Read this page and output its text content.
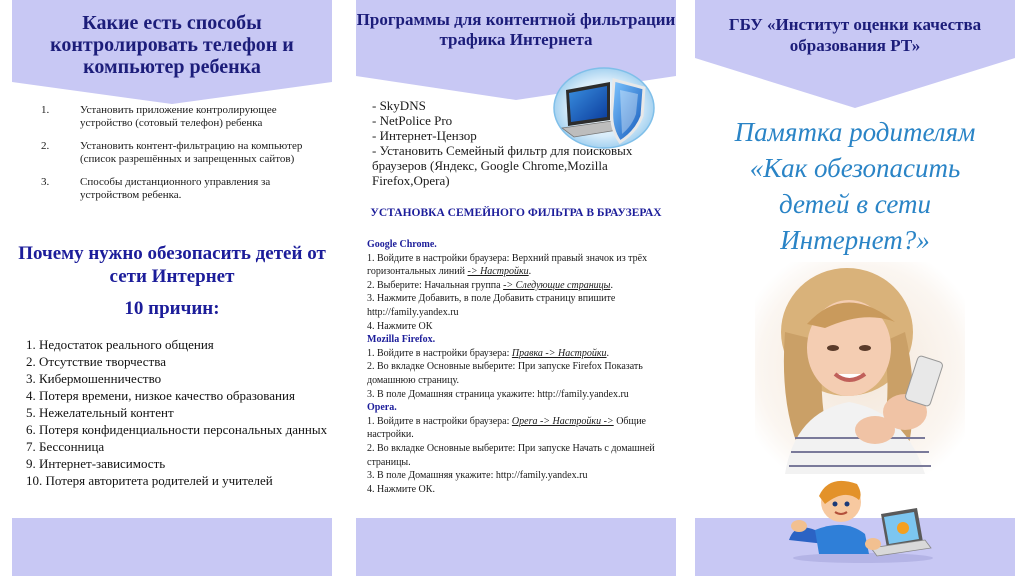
Какие есть способы контролировать телефон и компьютер ребенка
1.	Установить приложение контролирующее устройство (сотовый телефон) ребенка
2.	Установить контент-фильтрацию на компьютер (список разрешённых и запрещенных сайтов)
3.	Способы дистанционного управления за устройством ребенка.
Почему нужно обезопасить детей от сети Интернет
10 причин:
1. Недостаток реального общения
2. Отсутствие творчества
3. Кибермошенничество
4. Потеря времени, низкое качество образования
5. Нежелательный контент
6. Потеря конфиденциальности персональных данных
7. Бессонница
9. Интернет-зависимость
10. Потеря авторитета родителей и учителей
Программы для контентной фильтрации трафика Интернета
- SkyDNS
- NetPolice Pro
- Интернет-Цензор
- Установить Семейный фильтр для поисковых браузеров (Яндекс, Google Chrome,Mozilla Firefox,Opera)
УСТАНОВКА СЕМЕЙНОГО ФИЛЬТРА В БРАУЗЕРАХ
Google Chrome.
1. Войдите в настройки браузера: Верхний правый значок из трёх горизонтальных линий -> Настройки.
2. Выберите: Начальная группа -> Следующие страницы.
3. Нажмите Добавить, в поле Добавить страницу впишите http://family.yandex.ru
4. Нажмите ОК
Mozilla Firefox.
1. Войдите в настройки браузера: Правка -> Настройки.
2. Во вкладке Основные выберите: При запуске Firefox Показать домашнюю страницу.
3. В поле Домашняя страница укажите: http://family.yandex.ru
Opera.
1. Войдите в настройки браузера: Opera -> Настройки -> Общие настройки.
2. Во вкладке Основные выберите: При запуске Начать с домашней страницы.
3. В поле Домашняя укажите: http://family.yandex.ru
4. Нажмите ОК.
ГБУ «Институт оценки качества образования РТ»
Памятка родителям
«Как обезопасить
детей в сети
Интернет?»
